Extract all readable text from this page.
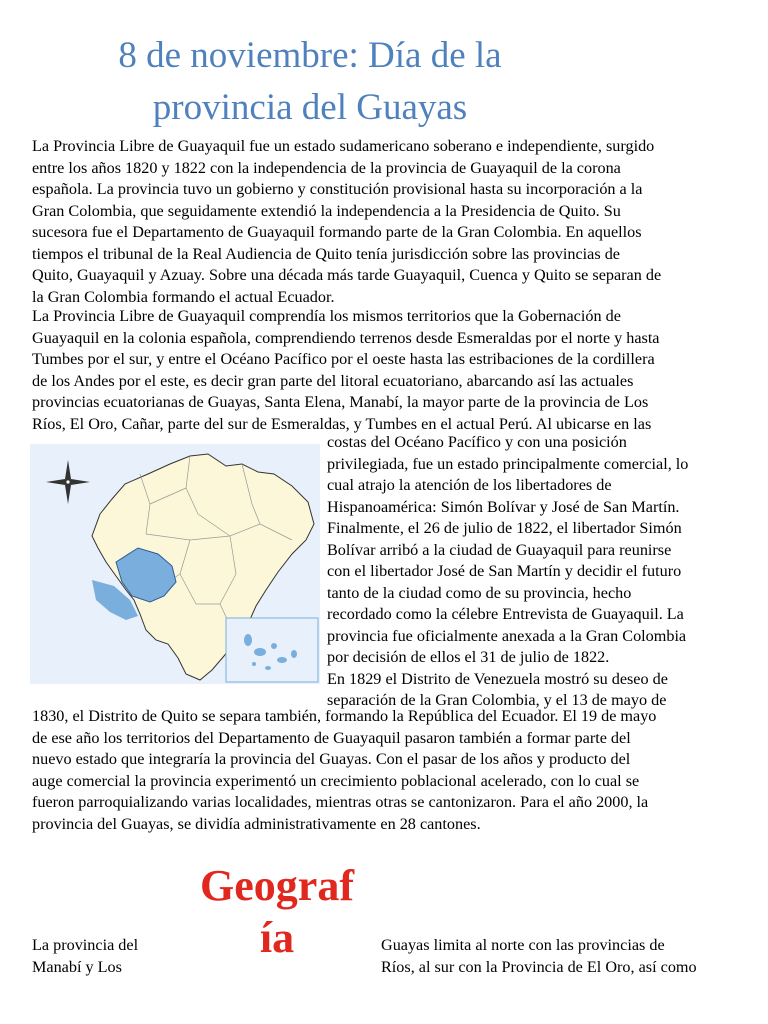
8 de noviembre: Día de la
provincia del Guayas

La Provincia Libre de Guayaquil fue un estado sudamericano soberano e independiente, surgido
entre los años 1820 y 1822 con la independencia de la provincia de Guayaquil de la corona
española. La provincia tuvo un gobierno y constitución provisional hasta su incorporación a la
Gran Colombia, que seguidamente extendió la independencia a la Presidencia de Quito. Su
sucesora fue el Departamento de Guayaquil formando parte de la Gran Colombia. En aquellos
tiempos el tribunal de la Real Audiencia de Quito tenía jurisdicción sobre las provincias de
Quito, Guayaquil y Azuay. Sobre una década más tarde Guayaquil, Cuenca y Quito se separan de
la Gran Colombia formando el actual Ecuador.

La Provincia Libre de Guayaquil comprendía los mismos territorios que la Gobernación de
Guayaquil en la colonia española, comprendiendo terrenos desde Esmeraldas por el norte y hasta
Tumbes por el sur, y entre el Océano Pacífico por el oeste hasta las estribaciones de la cordillera
de los Andes por el este, es decir gran parte del litoral ecuatoriano, abarcando así las actuales
provincias ecuatorianas de Guayas, Santa Elena, Manabí, la mayor parte de la provincia de Los
Ríos, El Oro, Cañar, parte del sur de Esmeraldas, y Tumbes en el actual Perú. Al ubicarse en las

costas del Océano Pacífico y con una posición
privilegiada, fue un estado principalmente comercial, lo
cual atrajo la atención de los libertadores de
Hispanoamérica: Simón Bolívar y José de San Martín.
Finalmente, el 26 de julio de 1822, el libertador Simón
Bolívar arribó a la ciudad de Guayaquil para reunirse
con el libertador José de San Martín y decidir el futuro
tanto de la ciudad como de su provincia, hecho
recordado como la célebre Entrevista de Guayaquil. La
provincia fue oficialmente anexada a la Gran Colombia
por decisión de ellos el 31 de julio de 1822.
En 1829 el Distrito de Venezuela mostró su deseo de
separación de la Gran Colombia, y el 13 de mayo de

1830, el Distrito de Quito se separa también, formando la República del Ecuador. El 19 de mayo
de ese año los territorios del Departamento de Guayaquil pasaron también a formar parte del
nuevo estado que integraría la provincia del Guayas. Con el pasar de los años y producto del
auge comercial la provincia experimentó un crecimiento poblacional acelerado, con lo cual se
fueron parroquializando varias localidades, mientras otras se cantonizaron. Para el año 2000, la
provincia del Guayas, se dividía administrativamente en 28 cantones.

Geograf
ía

La provincia del
Manabí y Los

Guayas limita al norte con las provincias de
Ríos, al sur con la Provincia de El Oro, así como
